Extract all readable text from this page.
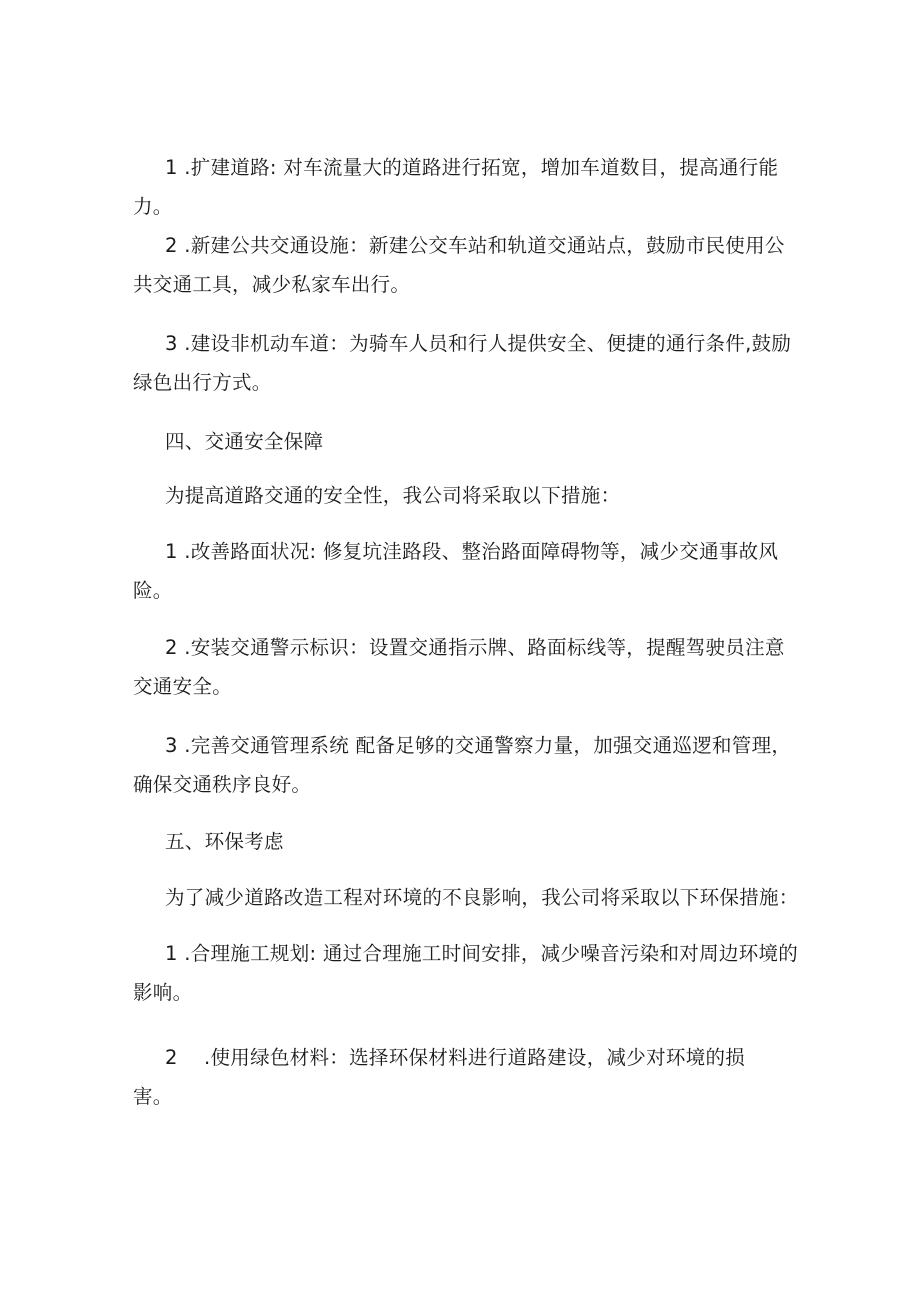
1 .扩建道路: 对车流量大的道路进行拓宽，增加车道数目，提高通行能力。

2 .新建公共交通设施：新建公交车站和轨道交通站点，鼓励市民使用公共交通工具，减少私家车出行。

3 .建设非机动车道：为骑车人员和行人提供安全、便捷的通行条件,鼓励绿色出行方式。

四、交通安全保障

为提高道路交通的安全性，我公司将采取以下措施：

1 .改善路面状况: 修复坑洼路段、整治路面障碍物等，减少交通事故风险。

2 .安装交通警示标识：设置交通指示牌、路面标线等，提醒驾驶员注意交通安全。

3 .完善交通管理系统 配备足够的交通警察力量，加强交通巡逻和管理，确保交通秩序良好。

五、环保考虑

为了减少道路改造工程对环境的不良影响，我公司将采取以下环保措施：

1 .合理施工规划: 通过合理施工时间安排，减少噪音污染和对周边环境的影响。

2　 .使用绿色材料：选择环保材料进行道路建设，减少对环境的损害。
